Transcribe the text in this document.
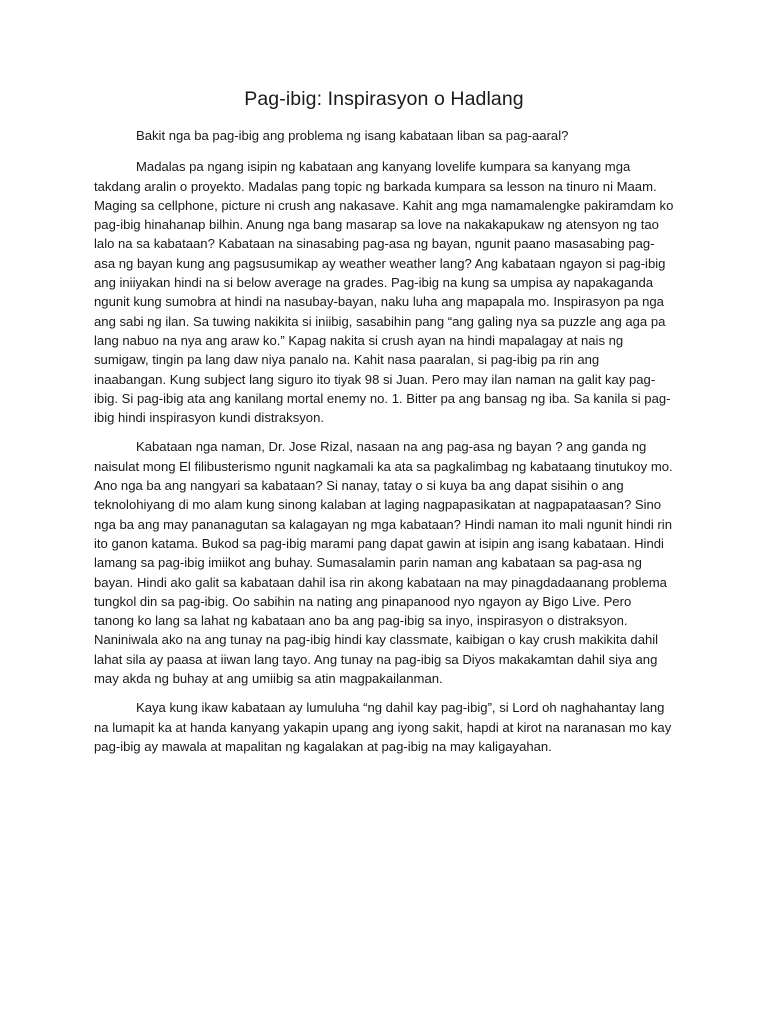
Pag-ibig: Inspirasyon o Hadlang

Bakit nga ba pag-ibig ang problema ng isang kabataan liban sa pag-aaral?

Madalas pa ngang isipin ng kabataan ang kanyang lovelife kumpara sa kanyang mga takdang aralin o proyekto. Madalas pang topic ng barkada kumpara sa lesson na tinuro ni Maam. Maging sa cellphone, picture ni crush ang nakasave. Kahit ang mga namamalengke pakiramdam ko pag-ibig hinahanap bilhin. Anung nga bang masarap sa love na nakakapukaw ng atensyon ng tao lalo na sa kabataan? Kabataan na sinasabing pag-asa ng bayan, ngunit paano masasabing pag-asa ng bayan kung ang pagsusumikap ay weather weather lang? Ang kabataan ngayon si pag-ibig ang iniiyakan hindi na si below average na grades. Pag-ibig na kung sa umpisa ay napakaganda ngunit kung sumobra at hindi na nasubay-bayan, naku luha ang mapapala mo. Inspirasyon pa nga ang sabi ng ilan. Sa tuwing nakikita si iniibig, sasabihin pang “ang galing nya sa puzzle ang aga pa lang nabuo na nya ang araw ko.” Kapag nakita si crush ayan na hindi mapalagay at nais ng sumigaw, tingin pa lang daw niya panalo na. Kahit nasa paaralan, si pag-ibig pa rin ang inaabangan. Kung subject lang siguro ito tiyak 98 si Juan. Pero may ilan naman na galit kay pag-ibig. Si pag-ibig ata ang kanilang mortal enemy no. 1. Bitter pa ang bansag ng iba. Sa kanila si pag-ibig hindi inspirasyon kundi distraksyon.

Kabataan nga naman, Dr. Jose Rizal, nasaan na ang pag-asa ng bayan ? ang ganda ng naisulat mong El filibusterismo ngunit nagkamali ka ata sa pagkalimbag ng kabataang tinutukoy mo. Ano nga ba ang nangyari sa kabataan? Si nanay, tatay o si kuya ba ang dapat sisihin o ang teknolohiyang di mo alam kung sinong kalaban at laging nagpapasikatan at nagpapataasan? Sino nga ba ang may pananagutan sa kalagayan ng mga kabataan? Hindi naman ito mali ngunit hindi rin ito ganon katama. Bukod sa pag-ibig marami pang dapat gawin at isipin ang isang kabataan. Hindi lamang sa pag-ibig imiikot ang buhay. Sumasalamin parin naman ang kabataan sa pag-asa ng bayan. Hindi ako galit sa kabataan dahil isa rin akong kabataan na may pinagdadaanang problema tungkol din sa pag-ibig. Oo sabihin na nating ang pinapanood nyo ngayon ay Bigo Live. Pero tanong ko lang sa lahat ng kabataan ano ba ang pag-ibig sa inyo, inspirasyon o distraksyon. Naniniwala ako na ang tunay na pag-ibig hindi kay classmate, kaibigan o kay crush makikita dahil lahat sila ay paasa at iiwan lang tayo. Ang tunay na pag-ibig sa Diyos makakamtan dahil siya ang may akda ng buhay at ang umiibig sa atin magpakailanman.

Kaya kung ikaw kabataan ay lumuluha “ng dahil kay pag-ibig”, si Lord oh naghahantay lang na lumapit ka at handa kanyang yakapin upang ang iyong sakit, hapdi at kirot na naranasan mo kay pag-ibig ay mawala at mapalitan ng kagalakan at pag-ibig na may kaligayahan.
